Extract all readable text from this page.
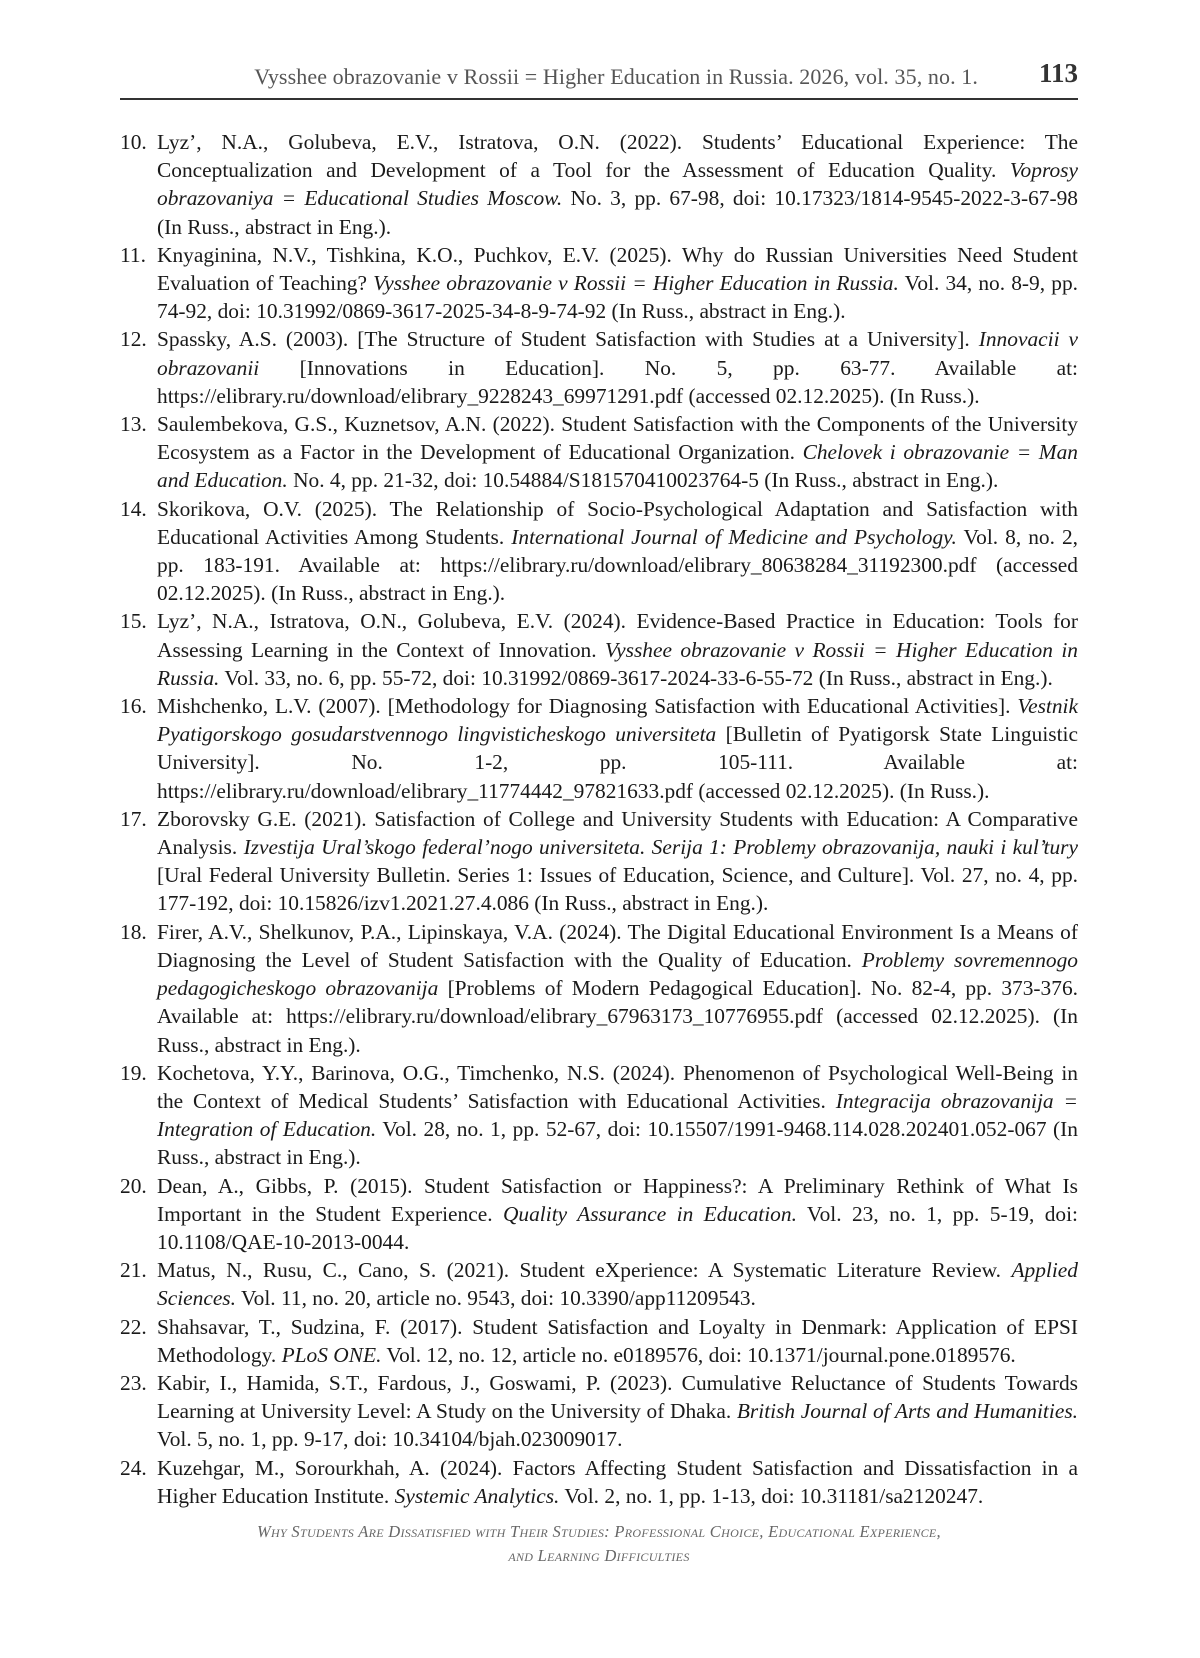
Vysshee obrazovanie v Rossii = Higher Education in Russia. 2026, vol. 35, no. 1. 113
10. Lyz’, N.A., Golubeva, E.V., Istratova, O.N. (2022). Students’ Educational Experience: The Conceptualization and Development of a Tool for the Assessment of Education Quality. Voprosy obrazovaniya = Educational Studies Moscow. No. 3, pp. 67-98, doi: 10.17323/1814-9545-2022-3-67-98 (In Russ., abstract in Eng.).
11. Knyaginina, N.V., Tishkina, K.O., Puchkov, E.V. (2025). Why do Russian Universities Need Student Evaluation of Teaching? Vysshee obrazovanie v Rossii = Higher Education in Russia. Vol. 34, no. 8-9, pp. 74-92, doi: 10.31992/0869-3617-2025-34-8-9-74-92 (In Russ., abstract in Eng.).
12. Spassky, A.S. (2003). [The Structure of Student Satisfaction with Studies at a University]. Innovacii v obrazovanii [Innovations in Education]. No. 5, pp. 63-77. Available at: https://elibrary.ru/download/elibrary_9228243_69971291.pdf (accessed 02.12.2025). (In Russ.).
13. Saulembekova, G.S., Kuznetsov, A.N. (2022). Student Satisfaction with the Components of the University Ecosystem as a Factor in the Development of Educational Organization. Chelovek i obrazovanie = Man and Education. No. 4, pp. 21-32, doi: 10.54884/S181570410023764-5 (In Russ., abstract in Eng.).
14. Skorikova, O.V. (2025). The Relationship of Socio-Psychological Adaptation and Satisfaction with Educational Activities Among Students. International Journal of Medicine and Psychology. Vol. 8, no. 2, pp. 183-191. Available at: https://elibrary.ru/download/elibrary_80638284_31192300.pdf (accessed 02.12.2025). (In Russ., abstract in Eng.).
15. Lyz’, N.A., Istratova, O.N., Golubeva, E.V. (2024). Evidence-Based Practice in Education: Tools for Assessing Learning in the Context of Innovation. Vysshee obrazovanie v Rossii = Higher Education in Russia. Vol. 33, no. 6, pp. 55-72, doi: 10.31992/0869-3617-2024-33-6-55-72 (In Russ., abstract in Eng.).
16. Mishchenko, L.V. (2007). [Methodology for Diagnosing Satisfaction with Educational Activities]. Vestnik Pyatigorskogo gosudarstvennogo lingvisticheskogo universiteta [Bulletin of Pyatigorsk State Linguistic University]. No. 1-2, pp. 105-111. Available at: https://elibrary.ru/download/elibrary_11774442_97821633.pdf (accessed 02.12.2025). (In Russ.).
17. Zborovsky G.E. (2021). Satisfaction of College and University Students with Education: A Comparative Analysis. Izvestija Ural’skogo federal’nogo universiteta. Serija 1: Problemy obrazovanija, nauki i kul’tury [Ural Federal University Bulletin. Series 1: Issues of Education, Science, and Culture]. Vol. 27, no. 4, pp. 177-192, doi: 10.15826/izv1.2021.27.4.086 (In Russ., abstract in Eng.).
18. Firer, A.V., Shelkunov, P.A., Lipinskaya, V.A. (2024). The Digital Educational Environment Is a Means of Diagnosing the Level of Student Satisfaction with the Quality of Education. Problemy sovremennogo pedagogicheskogo obrazovanija [Problems of Modern Pedagogical Education]. No. 82-4, pp. 373-376. Available at: https://elibrary.ru/download/elibrary_67963173_10776955.pdf (accessed 02.12.2025). (In Russ., abstract in Eng.).
19. Kochetova, Y.Y., Barinova, O.G., Timchenko, N.S. (2024). Phenomenon of Psychological Well-Being in the Context of Medical Students’ Satisfaction with Educational Activities. Integracija obrazovanija = Integration of Education. Vol. 28, no. 1, pp. 52-67, doi: 10.15507/1991-9468.114.028.202401.052-067 (In Russ., abstract in Eng.).
20. Dean, A., Gibbs, P. (2015). Student Satisfaction or Happiness?: A Preliminary Rethink of What Is Important in the Student Experience. Quality Assurance in Education. Vol. 23, no. 1, pp. 5-19, doi: 10.1108/QAE-10-2013-0044.
21. Matus, N., Rusu, C., Cano, S. (2021). Student eXperience: A Systematic Literature Review. Applied Sciences. Vol. 11, no. 20, article no. 9543, doi: 10.3390/app11209543.
22. Shahsavar, T., Sudzina, F. (2017). Student Satisfaction and Loyalty in Denmark: Application of EPSI Methodology. PLoS ONE. Vol. 12, no. 12, article no. e0189576, doi: 10.1371/journal.pone.0189576.
23. Kabir, I., Hamida, S.T., Fardous, J., Goswami, P. (2023). Cumulative Reluctance of Students Towards Learning at University Level: A Study on the University of Dhaka. British Journal of Arts and Humanities. Vol. 5, no. 1, pp. 9-17, doi: 10.34104/bjah.023009017.
24. Kuzehgar, M., Sorourkhah, A. (2024). Factors Affecting Student Satisfaction and Dissatisfaction in a Higher Education Institute. Systemic Analytics. Vol. 2, no. 1, pp. 1-13, doi: 10.31181/sa2120247.
Why Students Are Dissatisfied with Their Studies: Professional Choice, Educational Experience,
and Learning Difficulties
